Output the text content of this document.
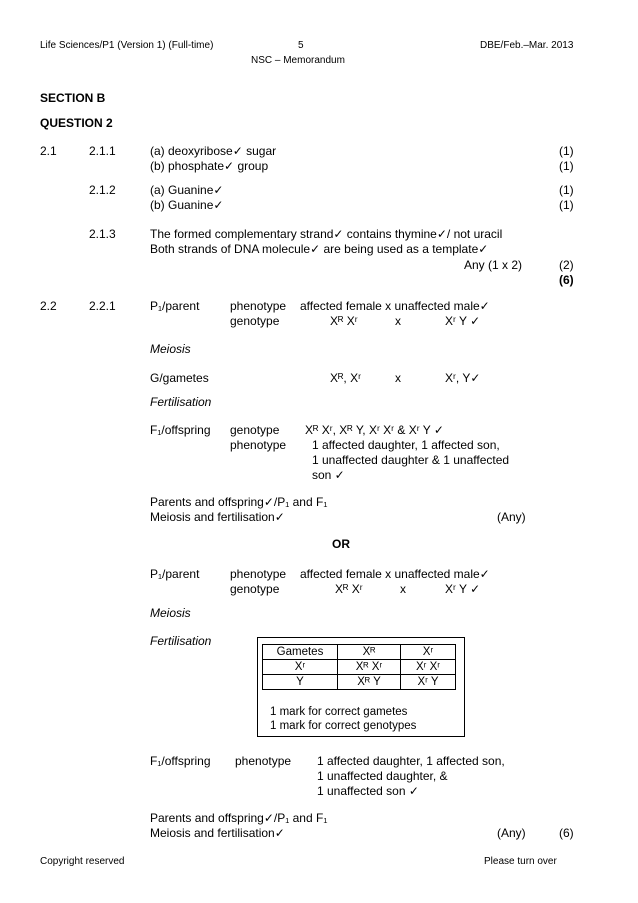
Life Sciences/P1 (Version 1) (Full-time)	5	DBE/Feb.–Mar. 2013
NSC – Memorandum
SECTION B
QUESTION 2
2.1	2.1.1	(a) deoxyribose✓ sugar	(1)
(b) phosphate✓ group	(1)
2.1.2	(a) Guanine✓	(1)
(b) Guanine✓	(1)
2.1.3	The formed complementary strand✓ contains thymine✓/ not uracil
Both strands of DNA molecule✓ are being used as a template✓
Any (1 x 2)	(2)
(6)
2.2	2.2.1	P₁/parent	phenotype affected female x unaffected male✓
genotype	Xᴿ Xʳ	x	Xʳ Y ✓
Meiosis
G/gametes	Xᴿ, Xʳ	x	Xʳ, Y✓
Fertilisation
F₁/offspring genotype Xᴿ Xʳ, Xᴿ Y, Xʳ Xʳ & Xʳ Y ✓
phenotype 1 affected daughter, 1 affected son,
1 unaffected daughter & 1 unaffected
son ✓
Parents and offspring✓/P₁ and F₁
Meiosis and fertilisation✓	(Any)
OR
P₁/parent	phenotype affected female x unaffected male✓
genotype	Xᴿ Xʳ	x	Xʳ Y ✓
Meiosis
Fertilisation
Gametes	Xᴿ	Xʳ
Xʳ	Xᴿ Xʳ	Xʳ Xʳ
Y	Xᴿ Y	Xʳ Y
1 mark for correct gametes
1 mark for correct genotypes
F₁/offspring phenotype 1 affected daughter, 1 affected son,
1 unaffected daughter, &
1 unaffected son ✓
Parents and offspring✓/P₁ and F₁
Meiosis and fertilisation✓	(Any)	(6)
Copyright reserved	Please turn over
